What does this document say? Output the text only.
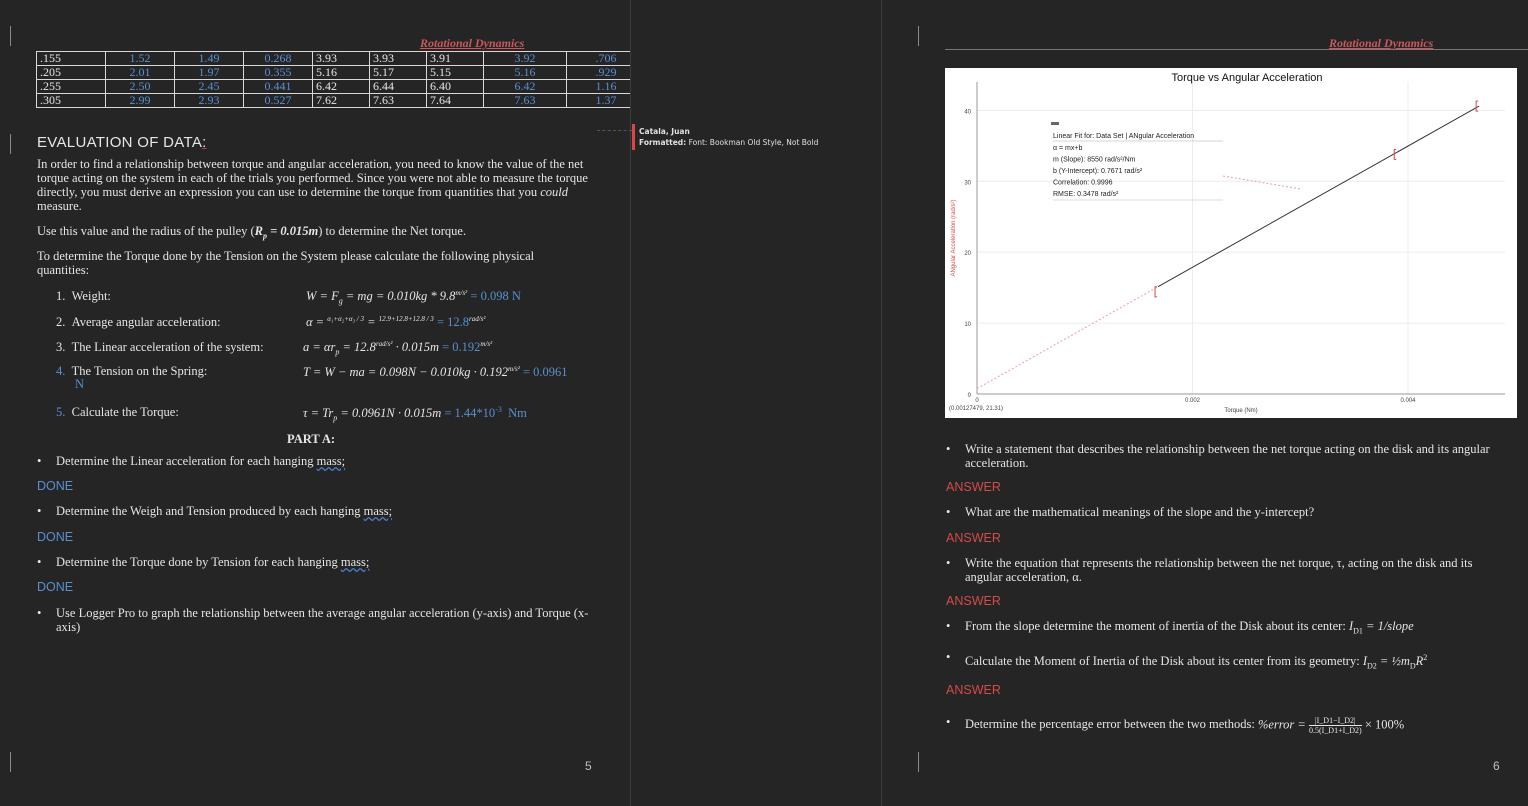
Rotational Dynamics
.155	1.52	1.49	0.268	3.93	3.93	3.91	3.92	.706
.205	2.01	1.97	0.355	5.16	5.17	5.15	5.16	.929
.255	2.50	2.45	0.441	6.42	6.44	6.40	6.42	1.16
.305	2.99	2.93	0.527	7.62	7.63	7.64	7.63	1.37
EVALUATION OF DATA:
In order to find a relationship between torque and angular acceleration, you need to know the value of the net torque acting on the system in each of the trials you performed. Since you were not able to measure the torque directly, you must derive an expression you can use to determine the torque from quantities that you could measure.
Use this value and the radius of the pulley $(R_p = 0.015m)$ to determine the Net torque.
To determine the Torque done by the Tension on the System please calculate the following physical quantities:
1. Weight:	$W = F_g$ = mg = $0.010kg * 9.8^{m/s^2} = 0.098$ N
2. Average angular acceleration:	$\alpha = ^{\alpha_1+\alpha_2+\alpha_3 / 3} = ^{12.9+12.8+12.8 / 3} = 12.8^{rad/s^2}$
3. The Linear acceleration of the system:	$a = \alpha r_p = 12.8^{rad/s^2} \cdot 0.015m = 0.192^{m/s^2}$
4. The Tension on the Spring:
N
T = W − ma = $0.098N - 0.010kg \cdot 0.192^{m/s^2} = 0.0961$
5. Calculate the Torque:	$\tau = Tr_p = 0.0961N \cdot 0.015m = 1.44*10^{-3}$ Nm
PART A:
• Determine the Linear acceleration for each hanging mass;
DONE
• Determine the Weigh and Tension produced by each hanging mass;
DONE
• Determine the Torque done by Tension for each hanging mass;
DONE
•	Use Logger Pro to graph the relationship between the average angular acceleration (y-axis) and Torque (x-axis)
5
Catala, Juan
Formatted: Font: Bookman Old Style, Not Bold
Rotational Dynamics
0
10
20
30
40
0	0.002	0.004
Torque vs Angular Acceleration
Torque (Nm)
ANgular Acceleration (rad/s²)
(0.00127479, 21.31)
Linear Fit for: Data Set | ANgular Acceleration
α = mx+b
m (Slope): 8550 rad/s²/Nm
b (Y-Intercept): 0.7671 rad/s²
Correlation: 0.9996
RMSE: 0.3478 rad/s²
•	Write a statement that describes the relationship between the net torque acting on the disk and its angular acceleration.
ANSWER
• What are the mathematical meanings of the slope and the y-intercept?
ANSWER
•	Write the equation that represents the relationship between the net torque, τ, acting on the disk and its angular acceleration, α.
ANSWER
• From the slope determine the moment of inertia of the Disk about its center: $I_{D1}$ = 1/slope
• Calculate the Moment of Inertia of the Disk about its center from its geometry: $I_{D2}$ = $\frac{1}{2}m_DR^2$
ANSWER
• Determine the percentage error between the two methods: %error = $\frac{|I\_D1-I\_D2|}{0.5(I\_D1+I\_D2)} \times 100\%$
6
